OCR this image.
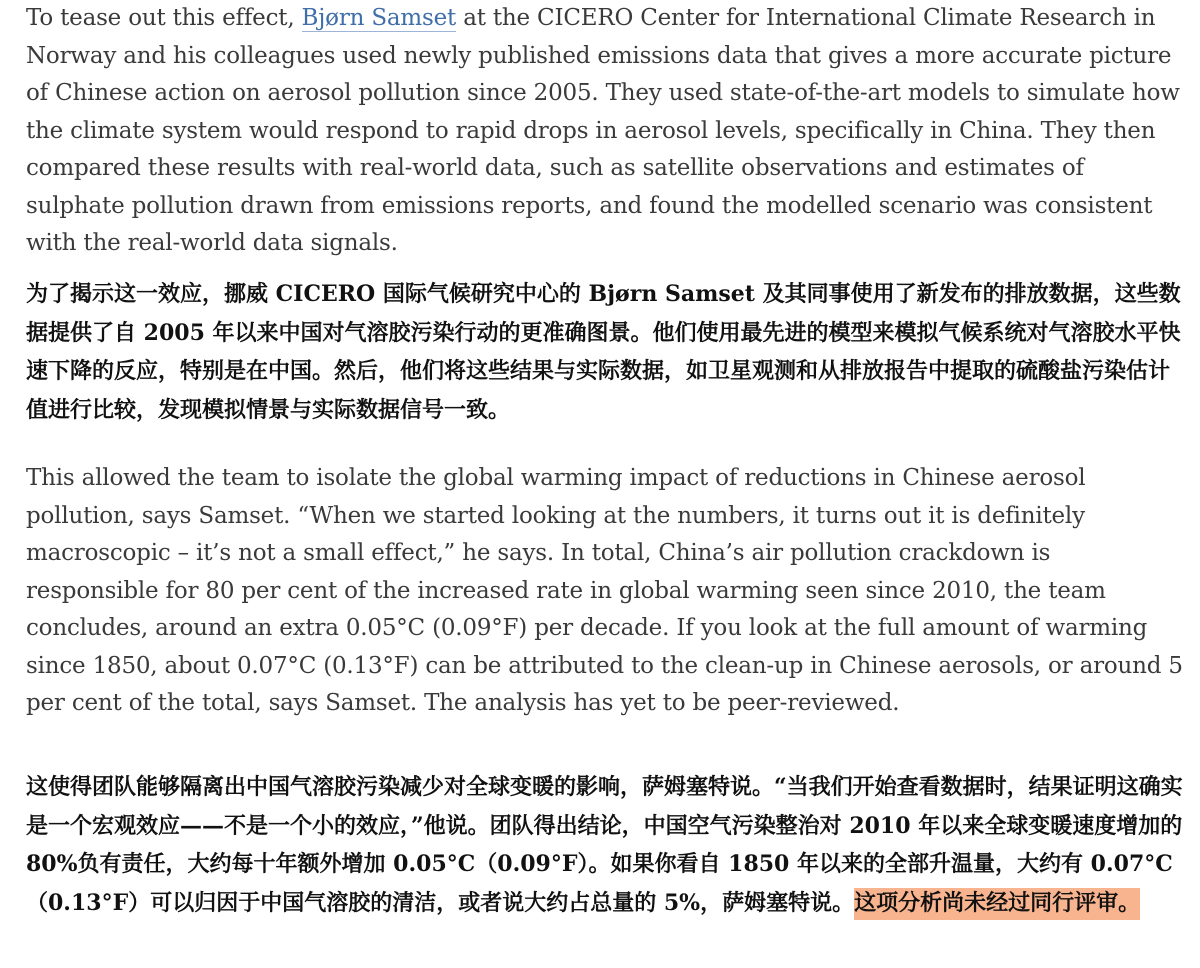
To tease out this effect, Bjørn Samset at the CICERO Center for International Climate Research in Norway and his colleagues used newly published emissions data that gives a more accurate picture of Chinese action on aerosol pollution since 2005. They used state-of-the-art models to simulate how the climate system would respond to rapid drops in aerosol levels, specifically in China. They then compared these results with real-world data, such as satellite observations and estimates of sulphate pollution drawn from emissions reports, and found the modelled scenario was consistent with the real-world data signals.

为了揭示这一效应，挪威 CICERO 国际气候研究中心的 Bjørn Samset 及其同事使用了新发布的排放数据，这些数据提供了自 2005 年以来中国对气溶胶污染行动的更准确图景。他们使用最先进的模型来模拟气候系统对气溶胶水平快速下降的反应，特别是在中国。然后，他们将这些结果与实际数据，如卫星观测和从排放报告中提取的硫酸盐污染估计值进行比较，发现模拟情景与实际数据信号一致。

This allowed the team to isolate the global warming impact of reductions in Chinese aerosol pollution, says Samset. “When we started looking at the numbers, it turns out it is definitely macroscopic – it’s not a small effect,” he says. In total, China’s air pollution crackdown is responsible for 80 per cent of the increased rate in global warming seen since 2010, the team concludes, around an extra 0.05°C (0.09°F) per decade. If you look at the full amount of warming since 1850, about 0.07°C (0.13°F) can be attributed to the clean-up in Chinese aerosols, or around 5 per cent of the total, says Samset. The analysis has yet to be peer-reviewed.

这使得团队能够隔离出中国气溶胶污染减少对全球变暖的影响，萨姆塞特说。“当我们开始查看数据时，结果证明这确实是一个宏观效应——不是一个小的效应，”他说。团队得出结论，中国空气污染整治对 2010 年以来全球变暖速度增加的 80%负有责任，大约每十年额外增加 0.05°C（0.09°F）。如果你看自 1850 年以来的全部升温量，大约有 0.07°C（0.13°F）可以归因于中国气溶胶的清洁，或者说大约占总量的 5%，萨姆塞特说。这项分析尚未经过同行评审。
